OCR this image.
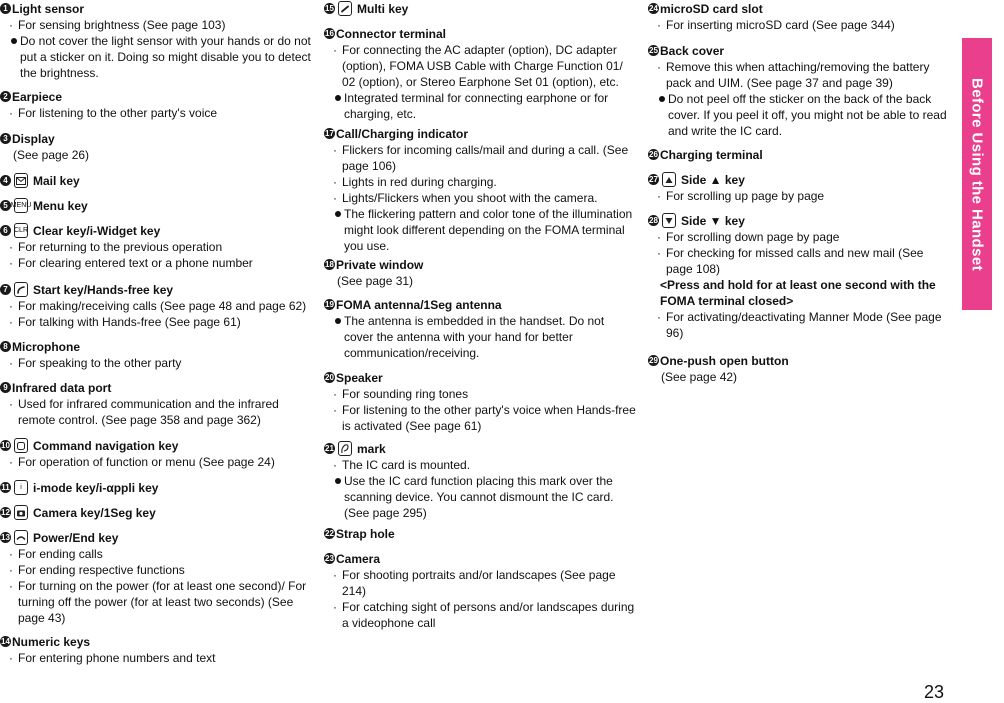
1 Light sensor
· For sensing brightness (See page 103)
Do not cover the light sensor with your hands or do not put a sticker on it. Doing so might disable you to detect the brightness.
2 Earpiece
· For listening to the other party's voice
3 Display
(See page 26)
4 Mail key
5 MENU Menu key
6 CLR Clear key/i-Widget key
· For returning to the previous operation
· For clearing entered text or a phone number
7 Start key/Hands-free key
· For making/receiving calls (See page 48 and page 62)
· For talking with Hands-free (See page 61)
8 Microphone
· For speaking to the other party
9 Infrared data port
· Used for infrared communication and the infrared remote control. (See page 358 and page 362)
10 Command navigation key
· For operation of function or menu (See page 24)
11	i i-mode key/i-αppli key
12 Camera key/1Seg key
13 Power/End key
· For ending calls
· For ending respective functions
· For turning on the power (for at least one second)/ For turning off the power (for at least two seconds) (See page 43)
14 Numeric keys
· For entering phone numbers and text
15 Multi key
16 Connector terminal
· For connecting the AC adapter (option), DC adapter (option), FOMA USB Cable with Charge Function 01/ 02 (option), or Stereo Earphone Set 01 (option), etc.
Integrated terminal for connecting earphone or for charging, etc.
17 Call/Charging indicator
· Flickers for incoming calls/mail and during a call. (See page 106)
· Lights in red during charging.
· Lights/Flickers when you shoot with the camera.
The flickering pattern and color tone of the illumination might look different depending on the FOMA terminal you use.
18 Private window
(See page 31)
19 FOMA antenna/1Seg antenna
The antenna is embedded in the handset. Do not cover the antenna with your hand for better communication/receiving.
20 Speaker
· For sounding ring tones
· For listening to the other party's voice when Hands-free is activated (See page 61)
21 mark
· The IC card is mounted.
Use the IC card function placing this mark over the scanning device. You cannot dismount the IC card. (See page 295)
22 Strap hole
23 Camera
· For shooting portraits and/or landscapes (See page 214)
· For catching sight of persons and/or landscapes during a videophone call
24 microSD card slot
· For inserting microSD card (See page 344)
25 Back cover
· Remove this when attaching/removing the battery pack and UIM. (See page 37 and page 39)
Do not peel off the sticker on the back of the back cover. If you peel it off, you might not be able to read and write the IC card.
26 Charging terminal
27 Side ▲ key
· For scrolling up page by page
28 Side ▼ key
· For scrolling down page by page
· For checking for missed calls and new mail (See page 108)
<Press and hold for at least one second with the FOMA terminal closed>
· For activating/deactivating Manner Mode (See page 96)
29 One-push open button
(See page 42)
Before Using the Handset
23
